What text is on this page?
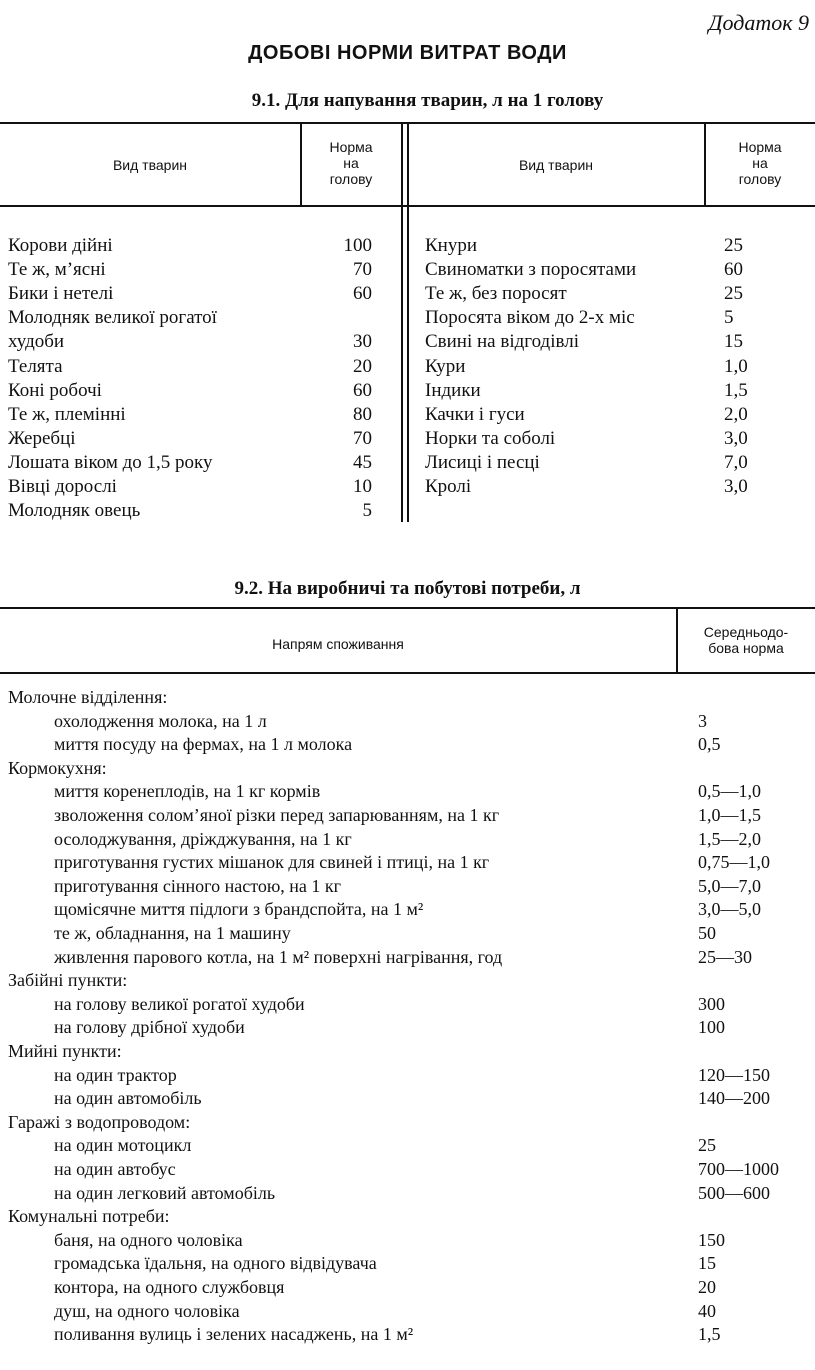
Додаток 9
ДОБОВІ НОРМИ ВИТРАТ ВОДИ
9.1. Для напування тварин, л на 1 голову
Вид тварин
Норма
на
голову
Вид тварин
Норма
на
голову
Корови дійні	100
Те ж, м’ясні	70
Бики і нетелі	60
Молодняк великої рогатої
худоби	30
Телята	20
Коні робочі	60
Те ж, племінні	80
Жеребці	70
Лошата віком до 1,5 року	45
Вівці дорослі	10
Молодняк овець	5
Кнури	25
Свиноматки з поросятами	60
Те ж, без поросят	25
Поросята віком до 2-х міс	5
Свині на відгодівлі	15
Кури	1,0
Індики	1,5
Качки і гуси	2,0
Норки та соболі	3,0
Лисиці і песці	7,0
Кролі	3,0
9.2. На виробничі та побутові потреби, л
Напрям споживання
Середньодо-
бова норма
Молочне відділення:
охолодження молока, на 1 л	3
миття посуду на фермах, на 1 л молока	0,5
Кормокухня:
миття коренеплодів, на 1 кг кормів	0,5—1,0
зволоження солом’яної різки перед запарюванням, на 1 кг	1,0—1,5
осолоджування, дріжджування, на 1 кг	1,5—2,0
приготування густих мішанок для свиней і птиці, на 1 кг	0,75—1,0
приготування сінного настою, на 1 кг	5,0—7,0
щомісячне миття підлоги з брандспойта, на 1 м²	3,0—5,0
те ж, обладнання, на 1 машину	50
живлення парового котла, на 1 м² поверхні нагрівання, год	25—30
Забійні пункти:
на голову великої рогатої худоби	300
на голову дрібної худоби	100
Мийні пункти:
на один трактор	120—150
на один автомобіль	140—200
Гаражі з водопроводом:
на один мотоцикл	25
на один автобус	700—1000
на один легковий автомобіль	500—600
Комунальні потреби:
баня, на одного чоловіка	150
громадська їдальня, на одного відвідувача	15
контора, на одного службовця	20
душ, на одного чоловіка	40
поливання вулиць і зелених насаджень, на 1 м²	1,5
